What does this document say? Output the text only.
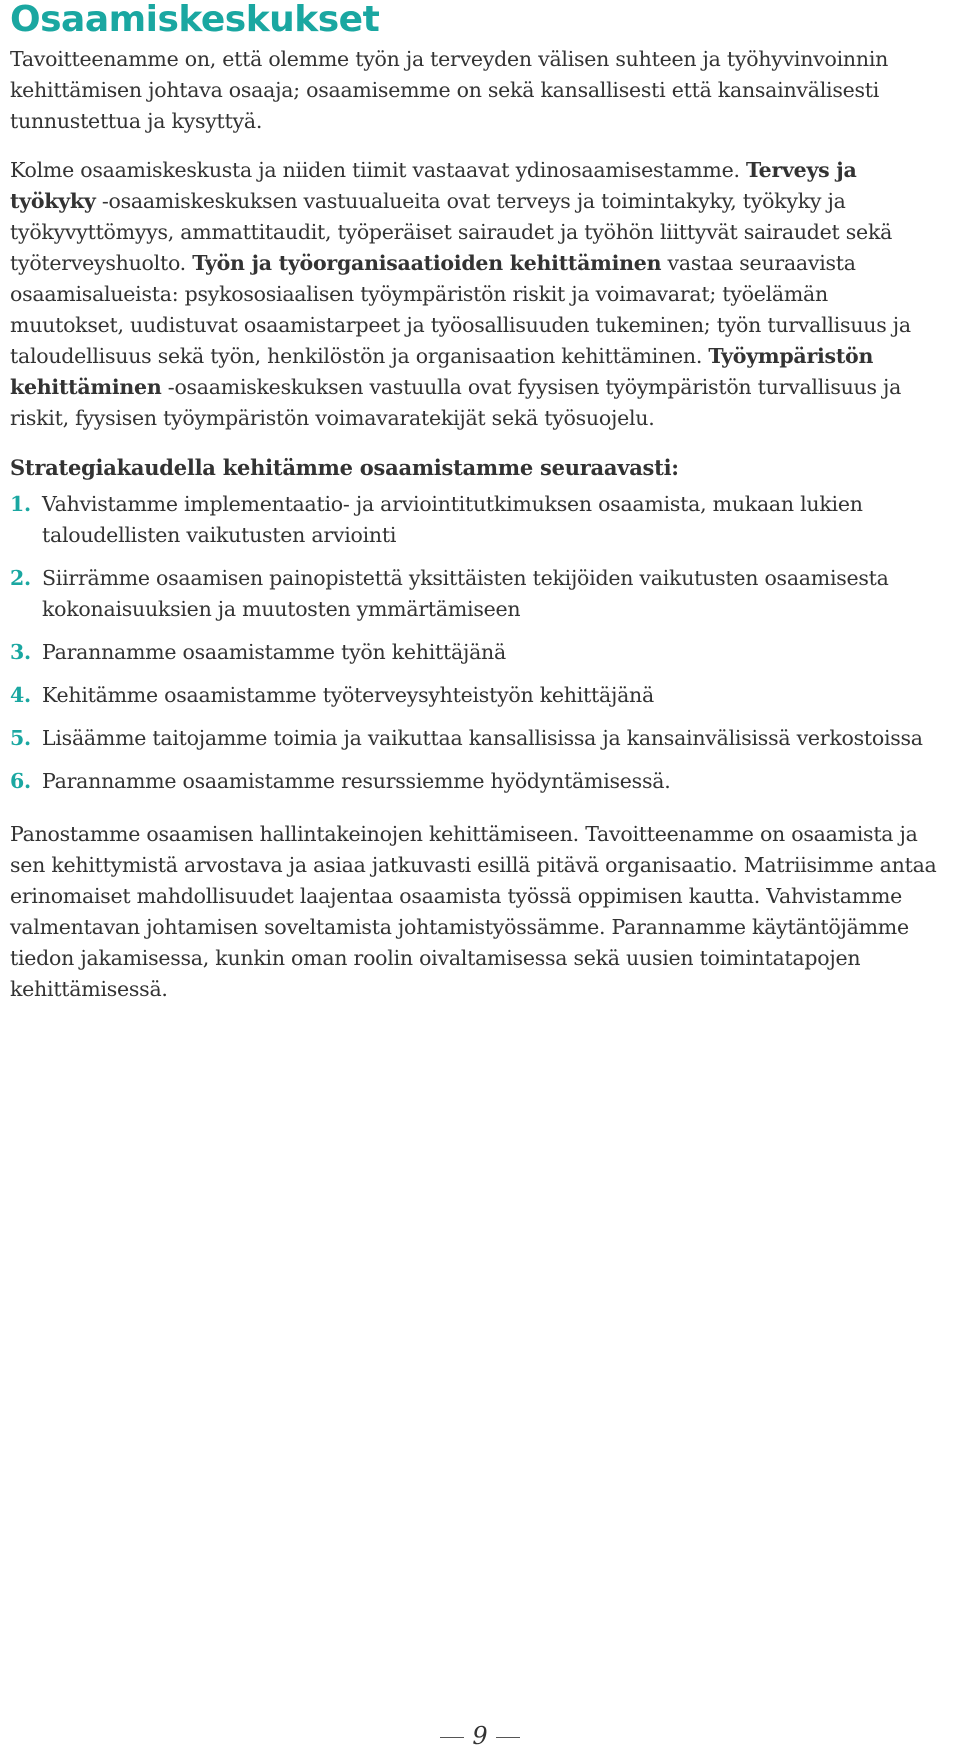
Osaamiskeskukset

Tavoitteenamme on, että olemme työn ja terveyden välisen suhteen ja työhyvinvoinnin kehittämisen johtava osaaja; osaamisemme on sekä kansallisesti että kansainvälisesti tunnustettua ja kysyttyä.

Kolme osaamiskeskusta ja niiden tiimit vastaavat ydinosaamisestamme. Terveys ja työkyky -osaamiskeskuksen vastuualueita ovat terveys ja toimintakyky, työkyky ja työkyvyttömyys, ammattitaudit, työperäiset sairaudet ja työhön liittyvät sairaudet sekä työterveyshuolto. Työn ja työorganisaatioiden kehittäminen vastaa seuraavista osaamisalueista: psykososiaalisen työympäristön riskit ja voimavarat; työelämän muutokset, uudistuvat osaamistarpeet ja työosallisuuden tukeminen; työn turvallisuus ja taloudellisuus sekä työn, henkilöstön ja organisaation kehittäminen. Työympäristön kehittäminen -osaamiskeskuksen vastuulla ovat fyysisen työympäristön turvallisuus ja riskit, fyysisen työympäristön voimavaratekijät sekä työsuojelu.

Strategiakaudella kehitämme osaamistamme seuraavasti:
1. Vahvistamme implementaatio- ja arviointitutkimuksen osaamista, mukaan lukien taloudellisten vaikutusten arviointi
2. Siirrämme osaamisen painopistettä yksittäisten tekijöiden vaikutusten osaamisesta kokonaisuuksien ja muutosten ymmärtämiseen
3. Parannamme osaamistamme työn kehittäjänä
4. Kehitämme osaamistamme työterveysyhteistyön kehittäjänä
5. Lisäämme taitojamme toimia ja vaikuttaa kansallisissa ja kansainvälisissä verkostoissa
6. Parannamme osaamistamme resurssiemme hyödyntämisessä.

Panostamme osaamisen hallintakeinojen kehittämiseen. Tavoitteenamme on osaamista ja sen kehittymistä arvostava ja asiaa jatkuvasti esillä pitävä organisaatio. Matriisimme antaa erinomaiset mahdollisuudet laajentaa osaamista työssä oppimisen kautta. Vahvistamme valmentavan johtamisen soveltamista johtamistyössämme. Parannamme käytäntöjämme tiedon jakamisessa, kunkin oman roolin oivaltamisessa sekä uusien toimintatapojen kehittämisessä.

9
